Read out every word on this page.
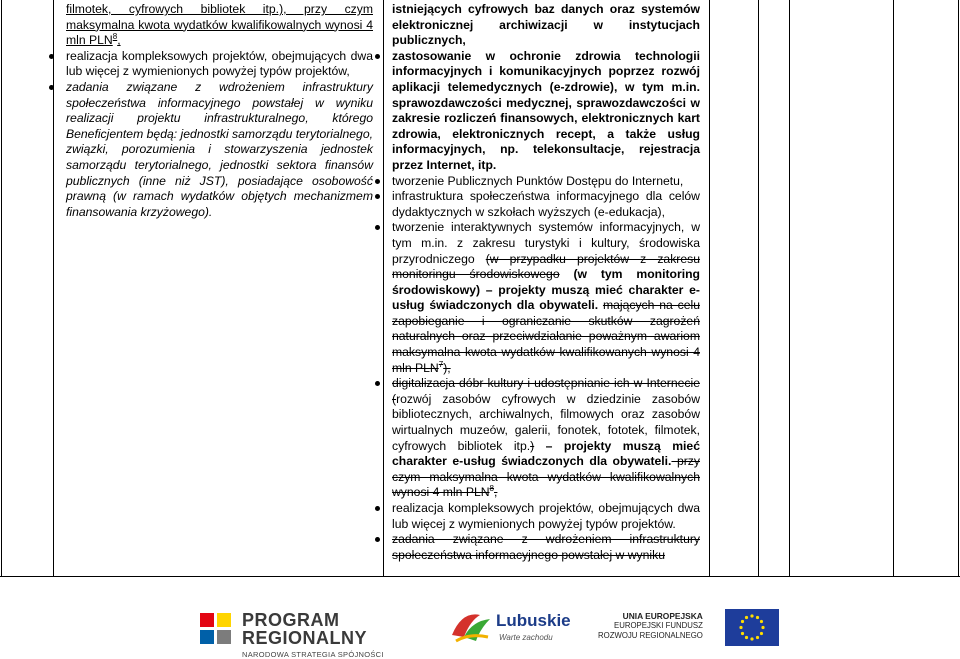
filmotek, cyfrowych bibliotek itp.), przy czym maksymalna kwota wydatków kwalifikowalnych wynosi 4 mln PLN$^8$,

realizacja kompleksowych projektów, obejmujących dwa lub więcej z wymienionych powyżej typów projektów,
zadania związane z wdrożeniem infrastruktury społeczeństwa informacyjnego powstałej w wyniku realizacji projektu infrastrukturalnego, którego Beneficjentem będą: jednostki samorządu terytorialnego, związki, porozumienia i stowarzyszenia jednostek samorządu terytorialnego, jednostki sektora finansów publicznych (inne niż JST), posiadające osobowość prawną (w ramach wydatków objętych mechanizmem finansowania krzyżowego).

istniejących cyfrowych baz danych oraz systemów elektronicznej archiwizacji w instytucjach publicznych,

zastosowanie w ochronie zdrowia technologii informacyjnych i komunikacyjnych poprzez rozwój aplikacji telemedycznych (e-zdrowie), w tym m.in. sprawozdawczości medycznej, sprawozdawczości w zakresie rozliczeń finansowych, elektronicznych kart zdrowia, elektronicznych recept, a także usług informacyjnych, np. telekonsultacje, rejestracja przez Internet, itp.
tworzenie Publicznych Punktów Dostępu do Internetu,
infrastruktura społeczeństwa informacyjnego dla celów dydaktycznych w szkołach wyższych (e-edukacja),
tworzenie interaktywnych systemów informacyjnych, w tym m.in. z zakresu turystyki i kultury, środowiska przyrodniczego (w przypadku projektów z zakresu monitoringu środowiskowego (w tym monitoring środowiskowy) – projekty muszą mieć charakter e-usług świadczonych dla obywateli. mających na celu zapobieganie i ograniczanie skutków zagrożeń naturalnych oraz przeciwdziałanie poważnym awariom maksymalna kwota wydatków kwalifikowanych wynosi 4 mln PLN$^7$),
digitalizacja dóbr kultury i udostępnianie ich w Internecie (rozwój zasobów cyfrowych w dziedzinie zasobów bibliotecznych, archiwalnych, filmowych oraz zasobów wirtualnych muzeów, galerii, fonotek, fototek, filmotek, cyfrowych bibliotek itp.) – projekty muszą mieć charakter e-usług świadczonych dla obywateli. przy czym maksymalna kwota wydatków kwalifikowalnych wynosi 4 mln PLN$^8$,
realizacja kompleksowych projektów, obejmujących dwa lub więcej z wymienionych powyżej typów projektów.
zadania związane z wdrożeniem infrastruktury społeczeństwa informacyjnego powstałej w wyniku
PROGRAM
REGIONALNY
NARODOWA STRATEGIA SPÓJNOŚCI
Lubuskie
Warte zachodu
UNIA EUROPEJSKA
EUROPEJSKI FUNDUSZ
ROZWOJU REGIONALNEGO
